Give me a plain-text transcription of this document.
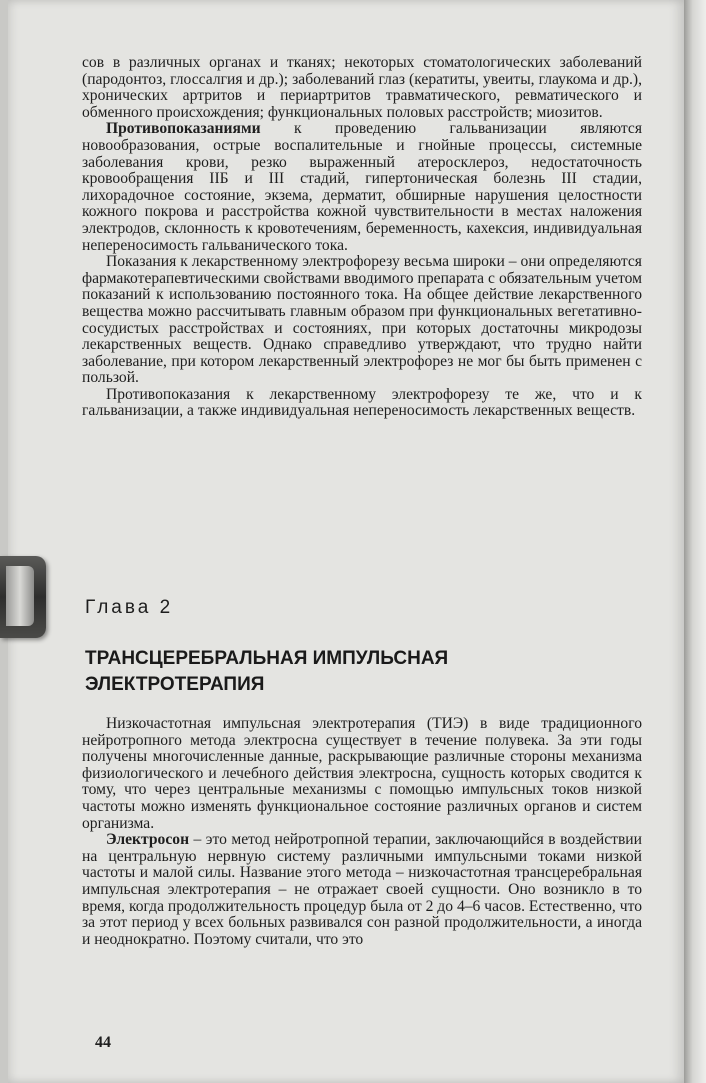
сов в различных органах и тканях; некоторых стоматологических заболеваний (пародонтоз, глоссалгия и др.); заболеваний глаз (кератиты, увеиты, глаукома и др.), хронических артритов и периартритов травматического, ревматического и обменного происхождения; функциональных половых расстройств; миозитов.

Противопоказаниями к проведению гальванизации являются новообразования, острые воспалительные и гнойные процессы, системные заболевания крови, резко выраженный атеросклероз, недостаточность кровообращения IIБ и III стадий, гипертоническая болезнь III стадии, лихорадочное состояние, экзема, дерматит, обширные нарушения целостности кожного покрова и расстройства кожной чувствительности в местах наложения электродов, склонность к кровотечениям, беременность, кахексия, индивидуальная непереносимость гальванического тока.

Показания к лекарственному электрофорезу весьма широки – они определяются фармакотерапевтическими свойствами вводимого препарата с обязательным учетом показаний к использованию постоянного тока. На общее действие лекарственного вещества можно рассчитывать главным образом при функциональных вегетативно-сосудистых расстройствах и состояниях, при которых достаточны микродозы лекарственных веществ. Однако справедливо утверждают, что трудно найти заболевание, при котором лекарственный электрофорез не мог бы быть применен с пользой.

Противопоказания к лекарственному электрофорезу те же, что и к гальванизации, а также индивидуальная непереносимость лекарственных веществ.

Глава 2
ТРАНСЦЕРЕБРАЛЬНАЯ ИМПУЛЬСНАЯ
ЭЛЕКТРОТЕРАПИЯ

Низкочастотная импульсная электротерапия (ТИЭ) в виде традиционного нейротропного метода электросна существует в течение полувека. За эти годы получены многочисленные данные, раскрывающие различные стороны механизма физиологического и лечебного действия электросна, сущность которых сводится к тому, что через центральные механизмы с помощью импульсных токов низкой частоты можно изменять функциональное состояние различных органов и систем организма.

Электросон – это метод нейротропной терапии, заключающийся в воздействии на центральную нервную систему различными импульсными токами низкой частоты и малой силы. Название этого метода – низкочастотная трансцеребральная импульсная электротерапия – не отражает своей сущности. Оно возникло в то время, когда продолжительность процедур была от 2 до 4–6 часов. Естественно, что за этот период у всех больных развивался сон разной продолжительности, а иногда и неоднократно. Поэтому считали, что это

44
